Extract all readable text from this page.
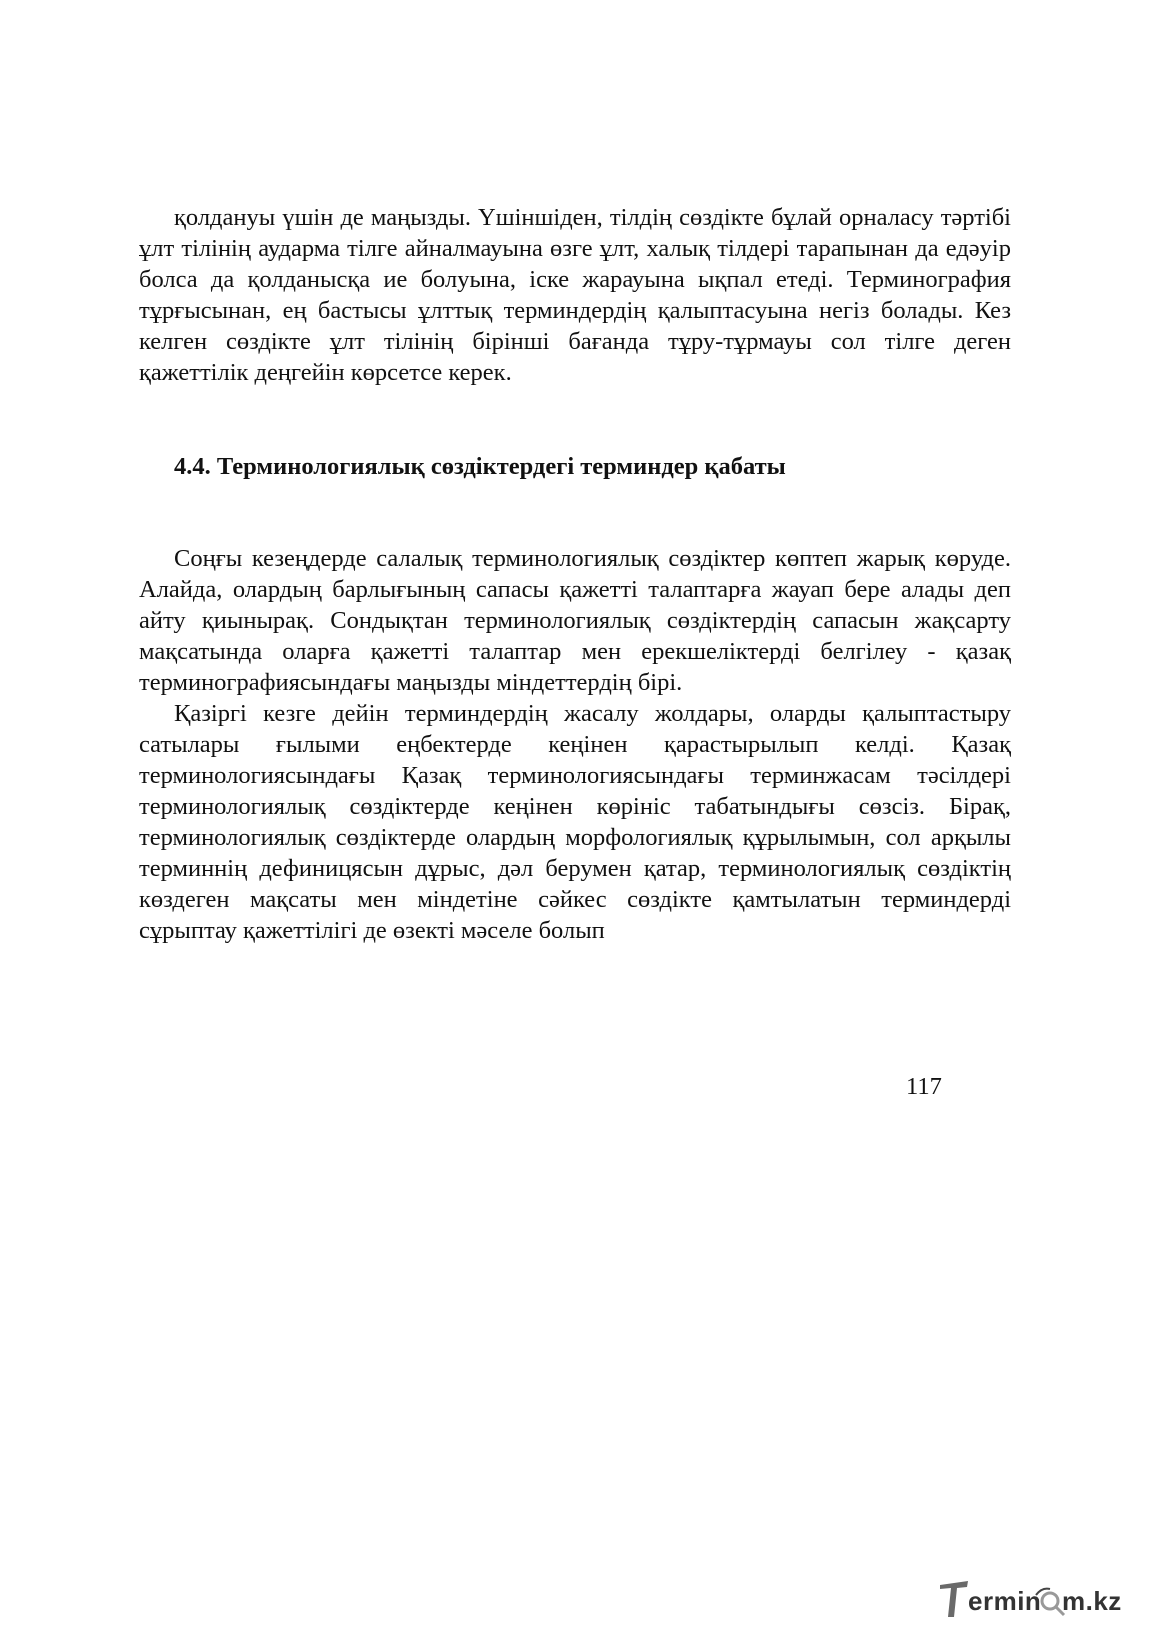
қолдануы үшін де маңызды. Үшіншіден, тілдің сөздікте бұлай орналасу тәртібі ұлт тілінің аударма тілге айналмауына өзге ұлт, халық тілдері тарапынан да едәуір болса да қолданысқа ие болуына, іске жарауына ықпал етеді. Терминография тұрғысынан, ең бастысы ұлттық терминдердің қалыптасуына негіз болады. Кез келген сөздікте ұлт тілінің бірінші бағанда тұру-тұрмауы сол тілге деген қажеттілік деңгейін көрсетсе керек.

4.4. Терминологиялық сөздіктердегі терминдер қабаты

Соңғы кезеңдерде салалық терминологиялық сөздіктер көптеп жарық көруде. Алайда, олардың барлығының сапасы қажетті талаптарға жауап бере алады деп айту қиынырақ. Сондықтан терминологиялық сөздіктердің сапасын жақсарту мақсатында оларға қажетті талаптар мен ерекшеліктерді белгілеу - қазақ терминографиясындағы маңызды міндеттердің бірі.

Қазіргі кезге дейін терминдердің жасалу жолдары, оларды қалыптастыру сатылары ғылыми еңбектерде кеңінен қарастырылып келді. Қазақ терминологиясындағы Қазақ терминологиясындағы терминжасам тәсілдері терминологиялық сөздіктерде кеңінен көрініс табатындығы сөзсіз. Бірақ, терминологиялық сөздіктерде олардың морфологиялық құрылымын, сол арқылы терминнің дефиницясын дұрыс, дәл берумен қатар, терминологиялық сөздіктің көздеген мақсаты мен міндетіне сәйкес сөздікте қамтылатын терминдерді сұрыптау қажеттілігі де өзекті мәселе болып

117
ermin m.kz
